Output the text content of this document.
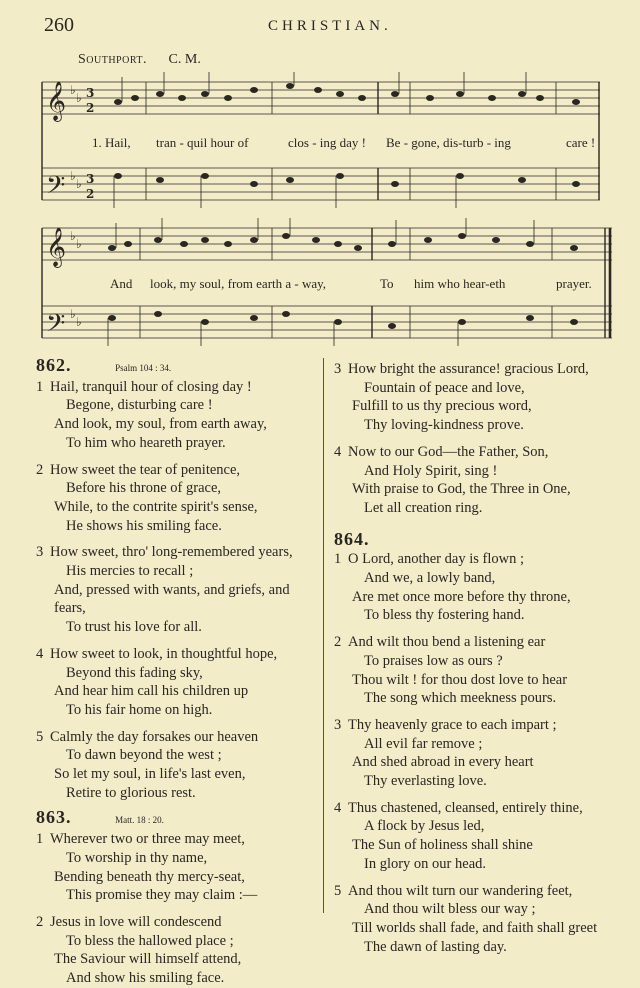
260	CHRISTIAN.
Southport. C. M.
𝄞
𝄢
♭
♭
♭
♭
3
2
3
2
1. Hail, tran - quil hour of	clos - ing day ! Be - gone, dis-turb - ing	care !
𝄞
𝄢
♭
♭
♭
♭
And look, my soul, from earth a - way,	To him who hear-eth	prayer.
862.	Psalm 104 : 34.
1 Hail, tranquil hour of closing day !
Begone, disturbing care !
And look, my soul, from earth away,
To him who heareth prayer.
2 How sweet the tear of penitence,
Before his throne of grace,
While, to the contrite spirit's sense,
He shows his smiling face.
3 How sweet, thro' long-remembered years,
His mercies to recall ;
And, pressed with wants, and griefs, and fears,
To trust his love for all.
4 How sweet to look, in thoughtful hope,
Beyond this fading sky,
And hear him call his children up
To his fair home on high.
5 Calmly the day forsakes our heaven
To dawn beyond the west ;
So let my soul, in life's last even,
Retire to glorious rest.
863.	Matt. 18 : 20.
1 Wherever two or three may meet,
To worship in thy name,
Bending beneath thy mercy-seat,
This promise they may claim :—
2 Jesus in love will condescend
To bless the hallowed place ;
The Saviour will himself attend,
And show his smiling face.
3 How bright the assurance! gracious Lord,
Fountain of peace and love,
Fulfill to us thy precious word,
Thy loving-kindness prove.
4 Now to our God—the Father, Son,
And Holy Spirit, sing !
With praise to God, the Three in One,
Let all creation ring.
864.
1 O Lord, another day is flown ;
And we, a lowly band,
Are met once more before thy throne,
To bless thy fostering hand.
2 And wilt thou bend a listening ear
To praises low as ours ?
Thou wilt ! for thou dost love to hear
The song which meekness pours.
3 Thy heavenly grace to each impart ;
All evil far remove ;
And shed abroad in every heart
Thy everlasting love.
4 Thus chastened, cleansed, entirely thine,
A flock by Jesus led,
The Sun of holiness shall shine
In glory on our head.
5 And thou wilt turn our wandering feet,
And thou wilt bless our way ;
Till worlds shall fade, and faith shall greet
The dawn of lasting day.
